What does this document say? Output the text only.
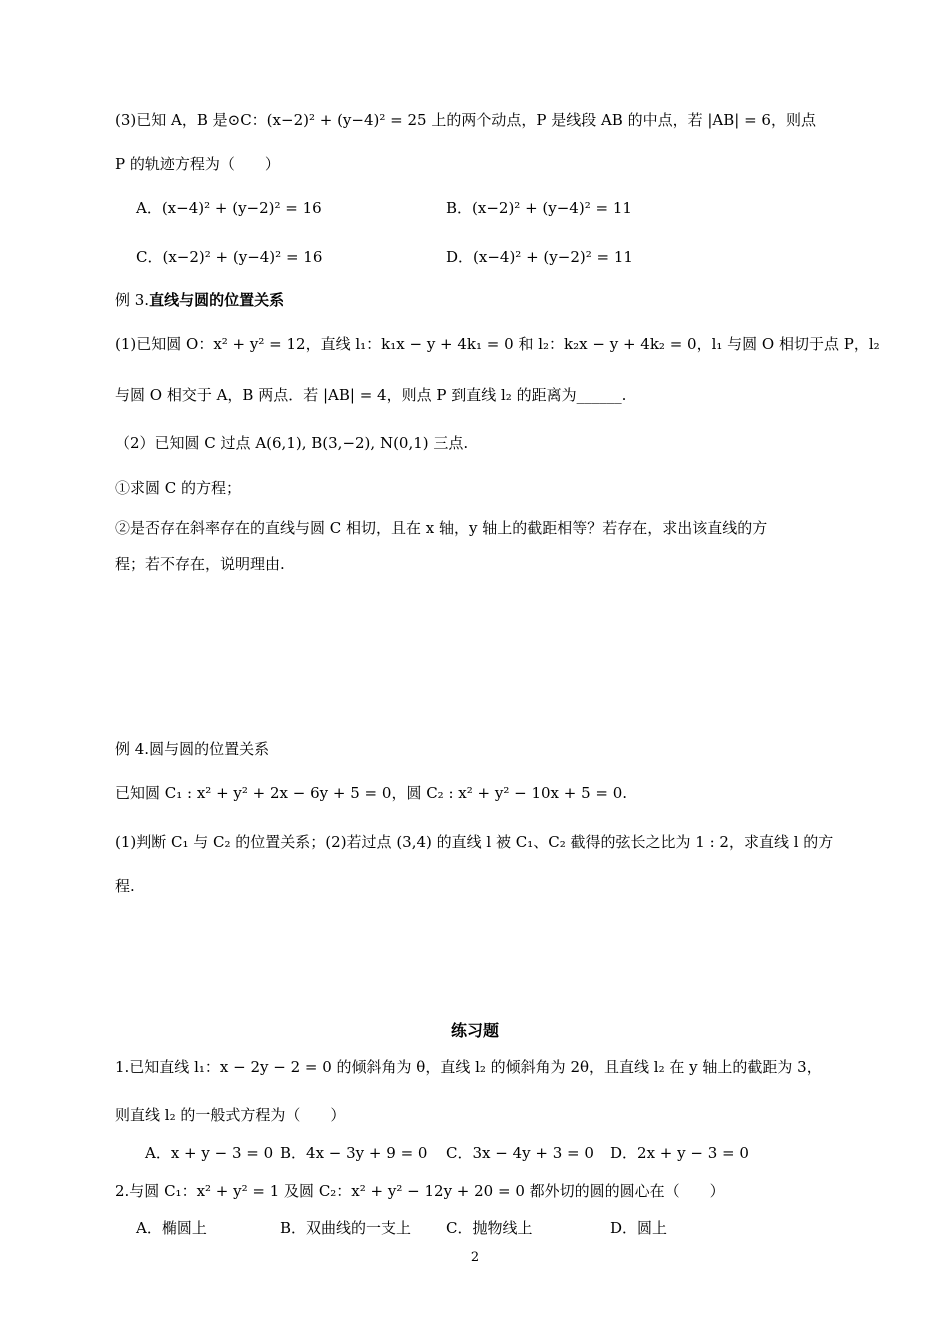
(3)已知 A，B 是⊙C：(x−2)² + (y−4)² = 25 上的两个动点，P 是线段 AB 的中点，若 |AB| = 6，则点
P 的轨迹方程为（　　）
A．(x−4)² + (y−2)² = 16	B．(x−2)² + (y−4)² = 11
C．(x−2)² + (y−4)² = 16	D．(x−4)² + (y−2)² = 11
例 3.直线与圆的位置关系
(1)已知圆 O：x² + y² = 12，直线 l₁：k₁x − y + 4k₁ = 0 和 l₂：k₂x − y + 4k₂ = 0，l₁ 与圆 O 相切于点 P，l₂
与圆 O 相交于 A，B 两点．若 |AB| = 4，则点 P 到直线 l₂ 的距离为______.
（2）已知圆 C 过点 A(6,1), B(3,−2), N(0,1) 三点.
①求圆 C 的方程；
②是否存在斜率存在的直线与圆 C 相切，且在 x 轴，y 轴上的截距相等？若存在，求出该直线的方
程；若不存在，说明理由.
例 4.圆与圆的位置关系
已知圆 C₁ : x² + y² + 2x − 6y + 5 = 0，圆 C₂ : x² + y² − 10x + 5 = 0.
(1)判断 C₁ 与 C₂ 的位置关系；(2)若过点 (3,4) 的直线 l 被 C₁、C₂ 截得的弦长之比为 1 : 2，求直线 l 的方
程.
练习题
1.已知直线 l₁：x − 2y − 2 = 0 的倾斜角为 θ，直线 l₂ 的倾斜角为 2θ，且直线 l₂ 在 y 轴上的截距为 3，
则直线 l₂ 的一般式方程为（　　）
A．x + y − 3 = 0 B．4x − 3y + 9 = 0 C．3x − 4y + 3 = 0 D．2x + y − 3 = 0
2.与圆 C₁：x² + y² = 1 及圆 C₂：x² + y² − 12y + 20 = 0 都外切的圆的圆心在（　　）
A．椭圆上	B．双曲线的一支上 C．抛物线上	D．圆上
2
